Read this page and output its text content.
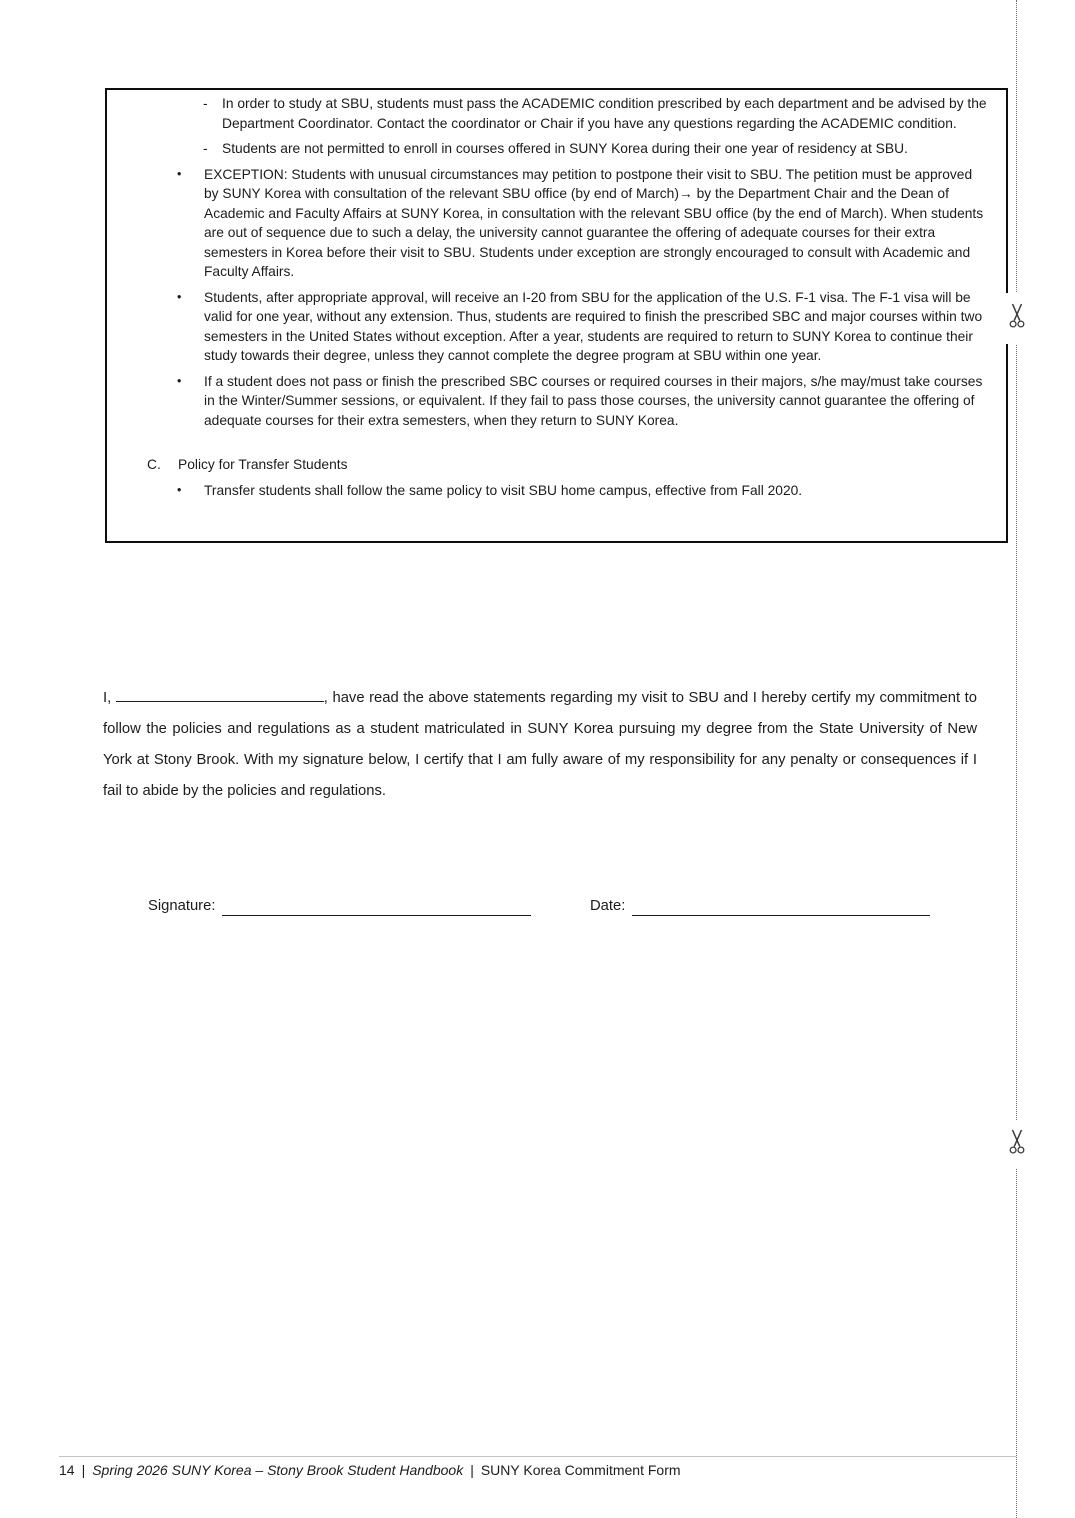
- In order to study at SBU, students must pass the ACADEMIC condition prescribed by each department and be advised by the Department Coordinator. Contact the coordinator or Chair if you have any questions regarding the ACADEMIC condition.
- Students are not permitted to enroll in courses offered in SUNY Korea during their one year of residency at SBU.
• EXCEPTION: Students with unusual circumstances may petition to postpone their visit to SBU. The petition must be approved by SUNY Korea with consultation of the relevant SBU office (by end of March)→ by the Department Chair and the Dean of Academic and Faculty Affairs at SUNY Korea, in consultation with the relevant SBU office (by the end of March). When students are out of sequence due to such a delay, the university cannot guarantee the offering of adequate courses for their extra semesters in Korea before their visit to SBU. Students under exception are strongly encouraged to consult with Academic and Faculty Affairs.
• Students, after appropriate approval, will receive an I-20 from SBU for the application of the U.S. F-1 visa. The F-1 visa will be valid for one year, without any extension. Thus, students are required to finish the prescribed SBC and major courses within two semesters in the United States without exception. After a year, students are required to return to SUNY Korea to continue their study towards their degree, unless they cannot complete the degree program at SBU within one year.
• If a student does not pass or finish the prescribed SBC courses or required courses in their majors, s/he may/must take courses in the Winter/Summer sessions, or equivalent. If they fail to pass those courses, the university cannot guarantee the offering of adequate courses for their extra semesters, when they return to SUNY Korea.
C. Policy for Transfer Students
• Transfer students shall follow the same policy to visit SBU home campus, effective from Fall 2020.
I,	, have read the above statements regarding my visit to SBU and I hereby certify my commitment to follow the policies and regulations as a student matriculated in SUNY Korea pursuing my degree from the State University of New York at Stony Brook. With my signature below, I certify that I am fully aware of my responsibility for any penalty or consequences if I fail to abide by the policies and regulations.
Signature:	Date:
14 | Spring 2026 SUNY Korea – Stony Brook Student Handbook | SUNY Korea Commitment Form
